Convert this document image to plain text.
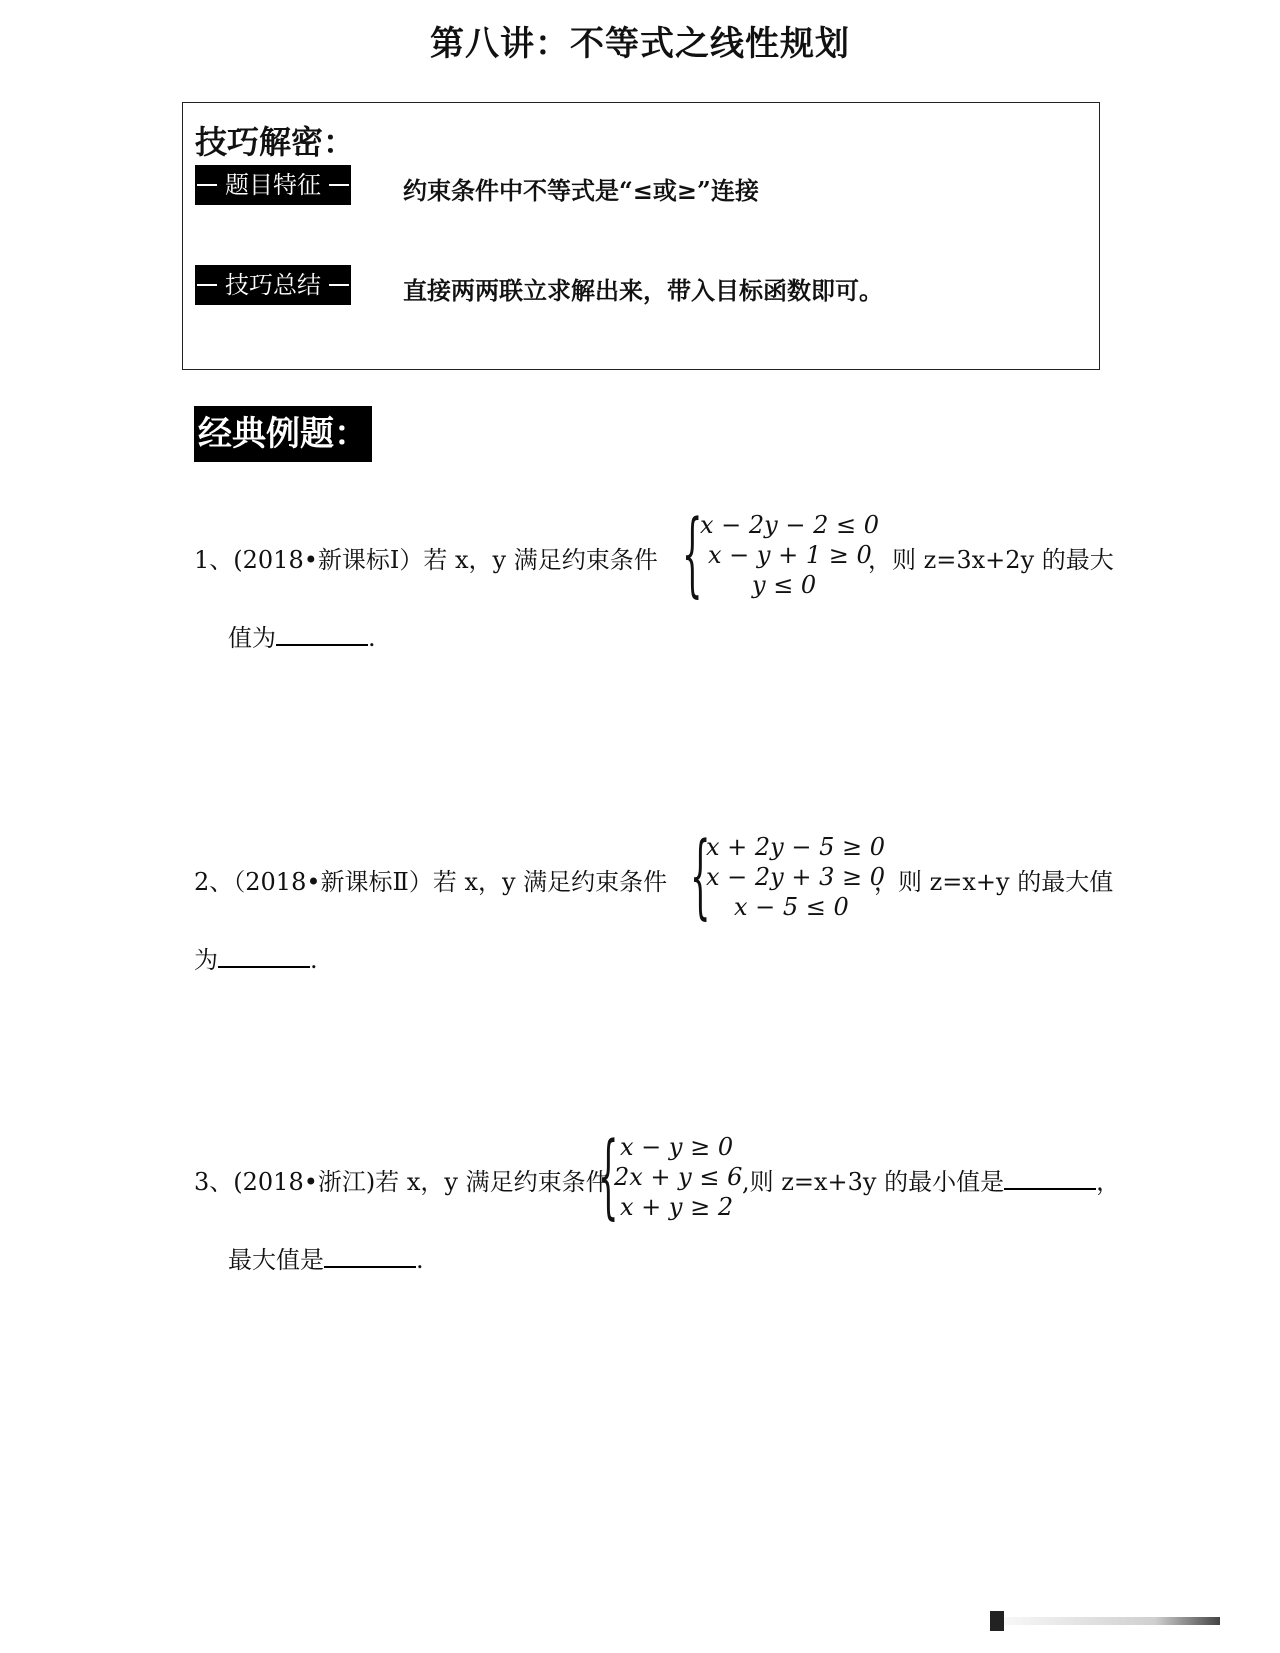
第八讲：不等式之线性规划
技巧解密：
题目特征	约束条件中不等式是“≤或≥”连接
技巧总结	直接两两联立求解出来，带入目标函数即可。
经典例题：
1、(2018•新课标Ⅰ）若 x，y 满足约束条件 {
x − 2y − 2 ≤ 0
x − y + 1 ≥ 0
y ≤ 0
，则 z=3x+2y 的最大
值为	.
2、（2018•新课标Ⅱ）若 x，y 满足约束条件 {
x + 2y − 5 ≥ 0
x − 2y + 3 ≥ 0
x − 5 ≤ 0
，则 z=x+y 的最大值
为	.
3、(2018•浙江)若 x，y 满足约束条件
{ x − y ≥ 0
2x + y ≤ 6
x + y ≥ 2
,则 z=x+3y 的最小值是	，
最大值是	.
